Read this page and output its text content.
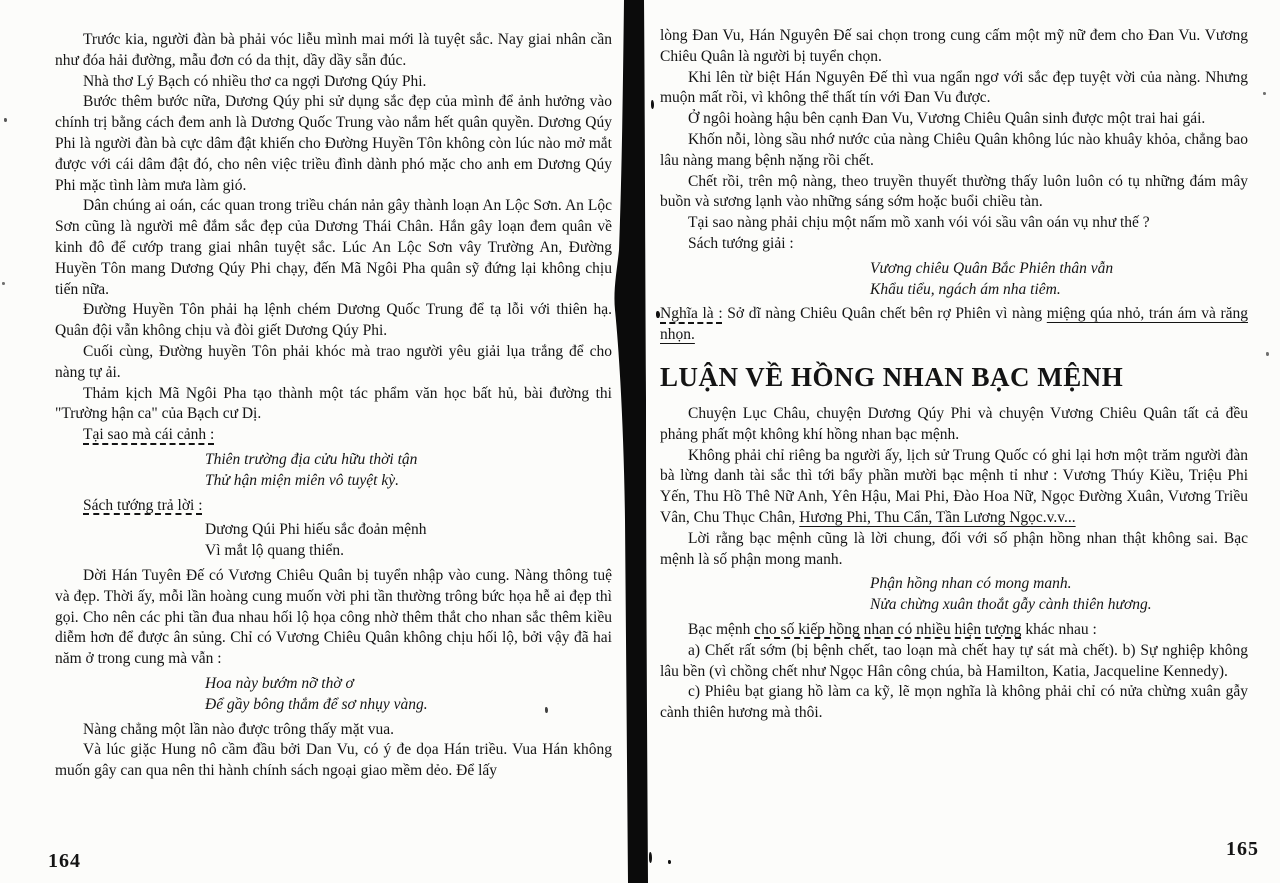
Trước kia, người đàn bà phải vóc liễu mình mai mới là tuyệt sắc. Nay giai nhân cần như đóa hải đường, mẫu đơn có da thịt, dầy dầy sẵn đúc.

Nhà thơ Lý Bạch có nhiều thơ ca ngợi Dương Qúy Phi.

Bước thêm bước nữa, Dương Qúy phi sử dụng sắc đẹp của mình để ảnh hưởng vào chính trị bằng cách đem anh là Dương Quốc Trung vào nắm hết quân quyền. Dương Qúy Phi là người đàn bà cực dâm đật khiến cho Đường Huyền Tôn không còn lúc nào mở mắt được với cái dâm đật đó, cho nên việc triều đình dành phó mặc cho anh em Dương Qúy Phi mặc tình làm mưa làm gió.

Dân chúng ai oán, các quan trong triều chán nản gây thành loạn An Lộc Sơn. An Lộc Sơn cũng là người mê đắm sắc đẹp của Dương Thái Chân. Hắn gây loạn đem quân về kinh đô để cướp trang giai nhân tuyệt sắc. Lúc An Lộc Sơn vây Trường An, Đường Huyền Tôn mang Dương Qúy Phi chạy, đến Mã Ngôi Pha quân sỹ đứng lại không chịu tiến nữa.

Đường Huyền Tôn phải hạ lệnh chém Dương Quốc Trung để tạ lỗi với thiên hạ. Quân đội vẫn không chịu và đòi giết Dương Qúy Phi.

Cuối cùng, Đường huyền Tôn phải khóc mà trao người yêu giải lụa trắng để cho nàng tự ải.

Thảm kịch Mã Ngôi Pha tạo thành một tác phẩm văn học bất hủ, bài đường thi "Trường hận ca" của Bạch cư Dị.

Tại sao mà cái cảnh :

Thiên trường địa cửu hữu thời tận
Thử hận miện miên vô tuyệt kỳ.

Sách tướng trả lời :

Dương Qúi Phi hiếu sắc đoản mệnh
Vì mắt lộ quang thiển.

Dời Hán Tuyên Đế có Vương Chiêu Quân bị tuyển nhập vào cung. Nàng thông tuệ và đẹp. Thời ấy, mỗi lần hoàng cung muốn vời phi tần thường trông bức họa hễ ai đẹp thì gọi. Cho nên các phi tần đua nhau hối lộ họa công nhờ thêm thắt cho nhan sắc thêm kiều diễm hơn để được ân sủng. Chỉ có Vương Chiêu Quân không chịu hối lộ, bởi vậy đã hai năm ở trong cung mà vẫn :

Hoa này bướm nỡ thờ ơ
Để gầy bông thắm để sơ nhụy vàng.

Nàng chẳng một lần nào được trông thấy mặt vua.

Và lúc giặc Hung nô cầm đầu bởi Dan Vu, có ý đe dọa Hán triều. Vua Hán không muốn gây can qua nên thi hành chính sách ngoại giao mềm dẻo. Để lấy

lòng Đan Vu, Hán Nguyên Đế sai chọn trong cung cấm một mỹ nữ đem cho Đan Vu. Vương Chiêu Quân là người bị tuyển chọn.

Khi lên từ biệt Hán Nguyên Đế thì vua ngẩn ngơ với sắc đẹp tuyệt vời của nàng. Nhưng muộn mất rồi, vì không thể thất tín với Đan Vu được.

Ở ngôi hoàng hậu bên cạnh Đan Vu, Vương Chiêu Quân sinh được một trai hai gái.

Khốn nỗi, lòng sầu nhớ nước của nàng Chiêu Quân không lúc nào khuây khỏa, chẳng bao lâu nàng mang bệnh nặng rồi chết.

Chết rồi, trên mộ nàng, theo truyền thuyết thường thấy luôn luôn có tụ những đám mây buồn và sương lạnh vào những sáng sớm hoặc buổi chiều tàn.

Tại sao nàng phải chịu một nấm mồ xanh vói vói sầu vân oán vụ như thế ?

Sách tướng giải :

Vương chiêu Quân Bắc Phiên thân vẫn
Khẩu tiểu, ngách ám nha tiêm.

Nghĩa là : Sở dĩ nàng Chiêu Quân chết bên rợ Phiên vì nàng miệng qúa nhỏ, trán ám và răng nhọn.

LUẬN VỀ HỒNG NHAN BẠC MỆNH

Chuyện Lục Châu, chuyện Dương Qúy Phi và chuyện Vương Chiêu Quân tất cả đều phảng phất một không khí hồng nhan bạc mệnh.

Không phải chỉ riêng ba người ấy, lịch sử Trung Quốc có ghi lại hơn một trăm người đàn bà lừng danh tài sắc thì tới bẩy phần mười bạc mệnh tỉ như : Vương Thúy Kiều, Triệu Phi Yến, Thu Hồ Thê Nữ Anh, Yên Hậu, Mai Phi, Đào Hoa Nữ, Ngọc Đường Xuân, Vương Triều Vân, Chu Thục Chân, Hương Phi, Thu Cẩn, Tần Lương Ngọc.v.v...

Lời rằng bạc mệnh cũng là lời chung, đối với số phận hồng nhan thật không sai. Bạc mệnh là số phận mong manh.

Phận hồng nhan có mong manh.
Nửa chừng xuân thoắt gẫy cành thiên hương.

Bạc mệnh cho số kiếp hồng nhan có nhiều hiện tượng khác nhau :

a) Chết rất sớm (bị bệnh chết, tao loạn mà chết hay tự sát mà chết). b) Sự nghiệp không lâu bền (vì chồng chết như Ngọc Hân công chúa, bà Hamilton, Katia, Jacqueline Kennedy).

c) Phiêu bạt giang hồ làm ca kỹ, lẽ mọn nghĩa là không phải chỉ có nửa chừng xuân gẫy cành thiên hương mà thôi.

164
165
